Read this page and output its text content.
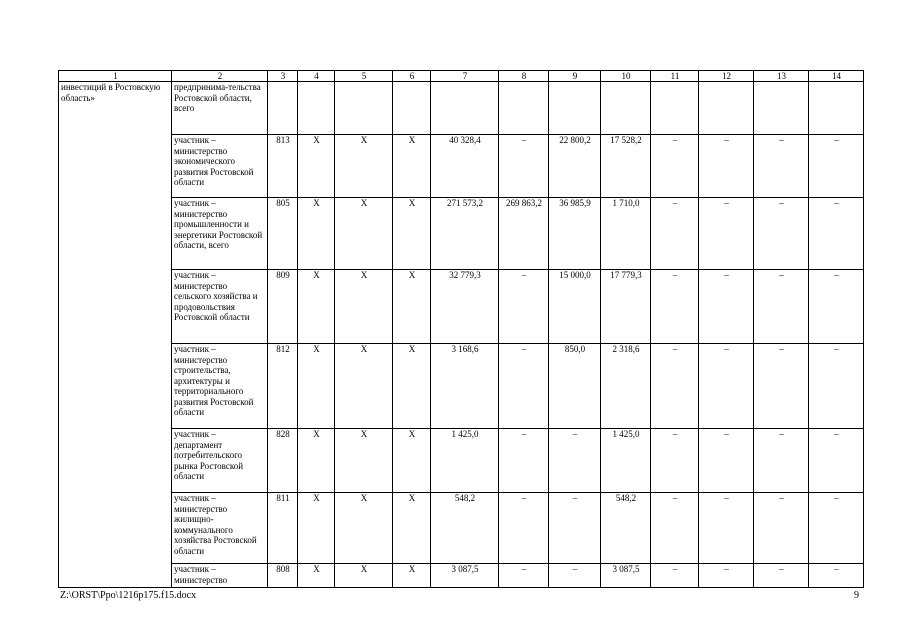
1	2	3	4	5	6	7	8	9	10	11	12	13	14
инвестиций в Ростовскую область»	предпринима-тельства Ростовской области, всего												
	участник – министерство экономического развития Ростовской области	813	Х	Х	Х	40 328,4	–	22 800,2	17 528,2	–	–	–	–
	участник – министерство промышленности и энергетики Ростовской области, всего	805	Х	Х	Х	271 573,2	269 863,2	36 985,9	1 710,0	–	–	–	–
	участник – министерство сельского хозяйства и продовольствия Ростовской области	809	Х	Х	Х	32 779,3	–	15 000,0	17 779,3	–	–	–	–
	участник – министерство строительства, архитектуры и территориального развития Ростовской области	812	Х	Х	Х	3 168,6	–	850,0	2 318,6	–	–	–	–
	участник – департамент потребительского рынка Ростовской области	828	Х	Х	Х	1 425,0	–	–	1 425,0	–	–	–	–
	участник – министерство жилищно-коммунального хозяйства Ростовской области	811	Х	Х	Х	548,2	–	–	548,2	–	–	–	–
	участник – министерство	808	Х	Х	Х	3 087,5	–	–	3 087,5	–	–	–	–
Z:\ORST\Ppo\1216p175.f15.docx	9
